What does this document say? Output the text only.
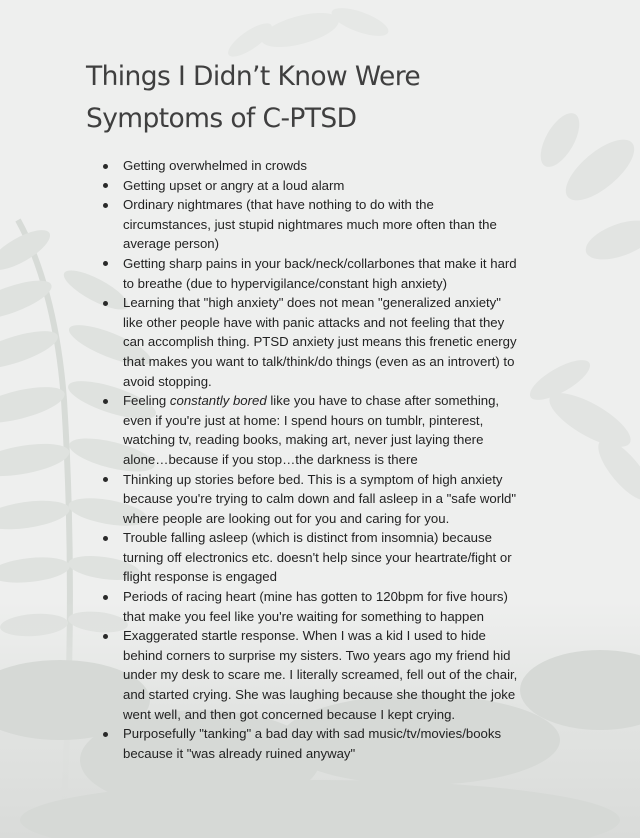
Things I Didn’t Know Were
Symptoms of C-PTSD
Getting overwhelmed in crowds
Getting upset or angry at a loud alarm
Ordinary nightmares (that have nothing to do with the
circumstances, just stupid nightmares much more often than the
average person)
Getting sharp pains in your back/neck/collarbones that make it hard
to breathe (due to hypervigilance/constant high anxiety)
Learning that "high anxiety" does not mean "generalized anxiety"
like other people have with panic attacks and not feeling that they
can accomplish thing. PTSD anxiety just means this frenetic energy
that makes you want to talk/think/do things (even as an introvert) to
avoid stopping.
Feeling constantly bored like you have to chase after something,
even if you're just at home: I spend hours on tumblr, pinterest,
watching tv, reading books, making art, never just laying there
alone…because if you stop…the darkness is there
Thinking up stories before bed. This is a symptom of high anxiety
because you're trying to calm down and fall asleep in a "safe world"
where people are looking out for you and caring for you.
Trouble falling asleep (which is distinct from insomnia) because
turning off electronics etc. doesn't help since your heartrate/fight or
flight response is engaged
Periods of racing heart (mine has gotten to 120bpm for five hours)
that make you feel like you're waiting for something to happen
Exaggerated startle response. When I was a kid I used to hide
behind corners to surprise my sisters. Two years ago my friend hid
under my desk to scare me. I literally screamed, fell out of the chair,
and started crying. She was laughing because she thought the joke
went well, and then got concerned because I kept crying.
Purposefully "tanking" a bad day with sad music/tv/movies/books
because it "was already ruined anyway"
